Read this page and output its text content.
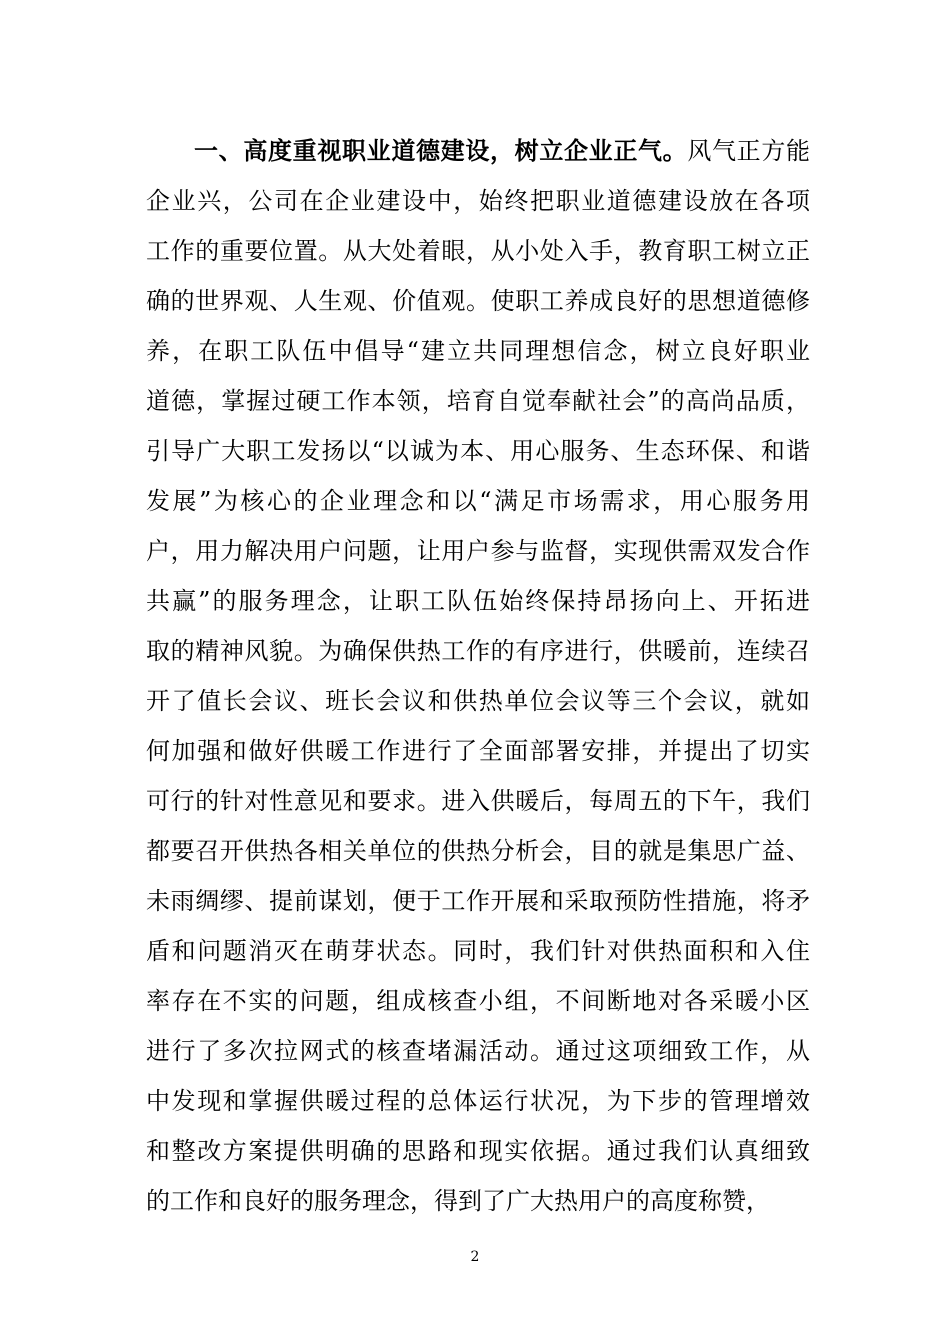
一、高度重视职业道德建设，树立企业正气。风气正方能
企业兴，公司在企业建设中，始终把职业道德建设放在各项
工作的重要位置。从大处着眼，从小处入手，教育职工树立正
确的世界观、人生观、价值观。使职工养成良好的思想道德修
养，在职工队伍中倡导“建立共同理想信念，树立良好职业
道德，掌握过硬工作本领，培育自觉奉献社会”的高尚品质，
引导广大职工发扬以“以诚为本、用心服务、生态环保、和谐
发展”为核心的企业理念和以“满足市场需求，用心服务用
户，用力解决用户问题，让用户参与监督，实现供需双发合作
共赢”的服务理念，让职工队伍始终保持昂扬向上、开拓进
取的精神风貌。为确保供热工作的有序进行，供暖前，连续召
开了值长会议、班长会议和供热单位会议等三个会议，就如
何加强和做好供暖工作进行了全面部署安排，并提出了切实
可行的针对性意见和要求。进入供暖后，每周五的下午，我们
都要召开供热各相关单位的供热分析会，目的就是集思广益、
未雨绸缪、提前谋划，便于工作开展和采取预防性措施，将矛
盾和问题消灭在萌芽状态。同时，我们针对供热面积和入住
率存在不实的问题，组成核查小组，不间断地对各采暖小区
进行了多次拉网式的核查堵漏活动。通过这项细致工作，从
中发现和掌握供暖过程的总体运行状况，为下步的管理增效
和整改方案提供明确的思路和现实依据。通过我们认真细致
的工作和良好的服务理念，得到了广大热用户的高度称赞，
2
